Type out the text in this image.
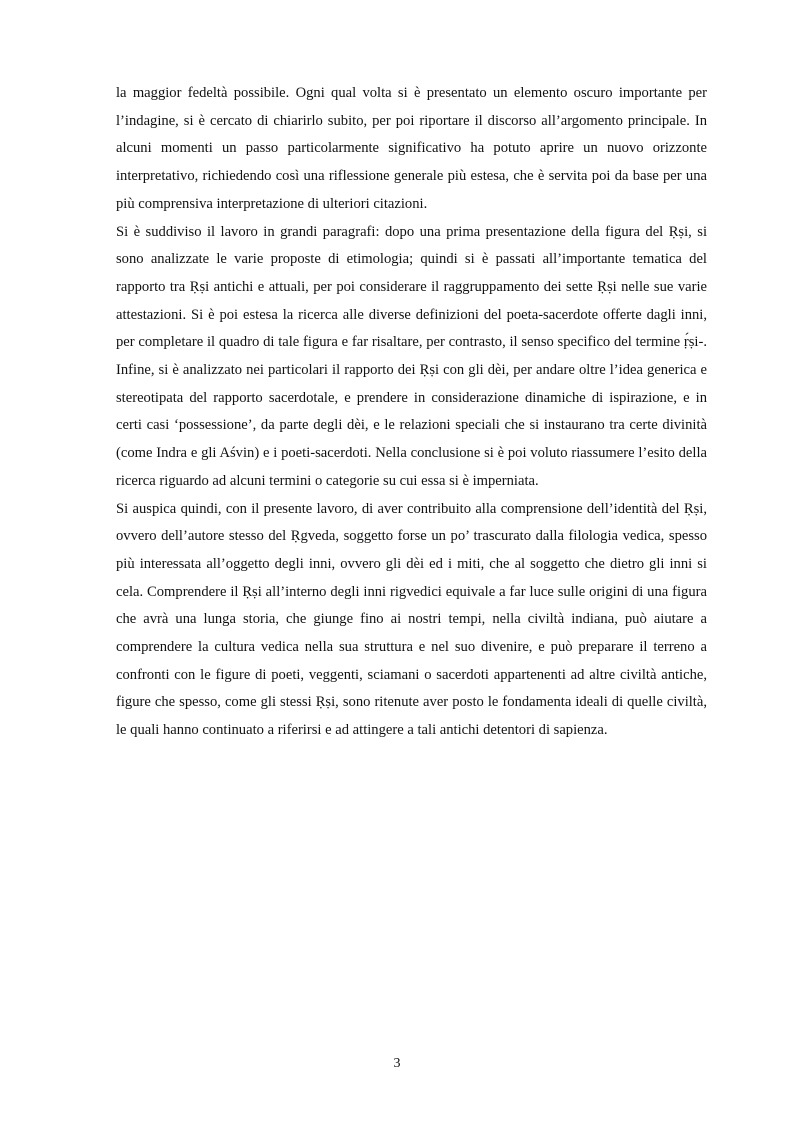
la maggior fedeltà possibile. Ogni qual volta si è presentato un elemento oscuro importante per l’indagine, si è cercato di chiarirlo subito, per poi riportare il discorso all’argomento principale. In alcuni momenti un passo particolarmente significativo ha potuto aprire un nuovo orizzonte interpretativo, richiedendo così una riflessione generale più estesa, che è servita poi da base per una più comprensiva interpretazione di ulteriori citazioni.

Si è suddiviso il lavoro in grandi paragrafi: dopo una prima presentazione della figura del Ṛṣi, si sono analizzate le varie proposte di etimologia; quindi si è passati all’importante tematica del rapporto tra Ṛṣi antichi e attuali, per poi considerare il raggruppamento dei sette Ṛṣi nelle sue varie attestazioni. Si è poi estesa la ricerca alle diverse definizioni del poeta-sacerdote offerte dagli inni, per completare il quadro di tale figura e far risaltare, per contrasto, il senso specifico del termine ṛ́ṣi-. Infine, si è analizzato nei particolari il rapporto dei Ṛṣi con gli dèi, per andare oltre l’idea generica e stereotipata del rapporto sacerdotale, e prendere in considerazione dinamiche di ispirazione, e in certi casi ‘possessione’, da parte degli dèi, e le relazioni speciali che si instaurano tra certe divinità (come Indra e gli Aśvin) e i poeti-sacerdoti. Nella conclusione si è poi voluto riassumere l’esito della ricerca riguardo ad alcuni termini o categorie su cui essa si è imperniata.

Si auspica quindi, con il presente lavoro, di aver contribuito alla comprensione dell’identità del Ṛṣi, ovvero dell’autore stesso del Ṛgveda, soggetto forse un po’ trascurato dalla filologia vedica, spesso più interessata all’oggetto degli inni, ovvero gli dèi ed i miti, che al soggetto che dietro gli inni si cela. Comprendere il Ṛṣi all’interno degli inni rigvedici equivale a far luce sulle origini di una figura che avrà una lunga storia, che giunge fino ai nostri tempi, nella civiltà indiana, può aiutare a comprendere la cultura vedica nella sua struttura e nel suo divenire, e può preparare il terreno a confronti con le figure di poeti, veggenti, sciamani o sacerdoti appartenenti ad altre civiltà antiche, figure che spesso, come gli stessi Ṛṣi, sono ritenute aver posto le fondamenta ideali di quelle civiltà, le quali hanno continuato a riferirsi e ad attingere a tali antichi detentori di sapienza.

3
